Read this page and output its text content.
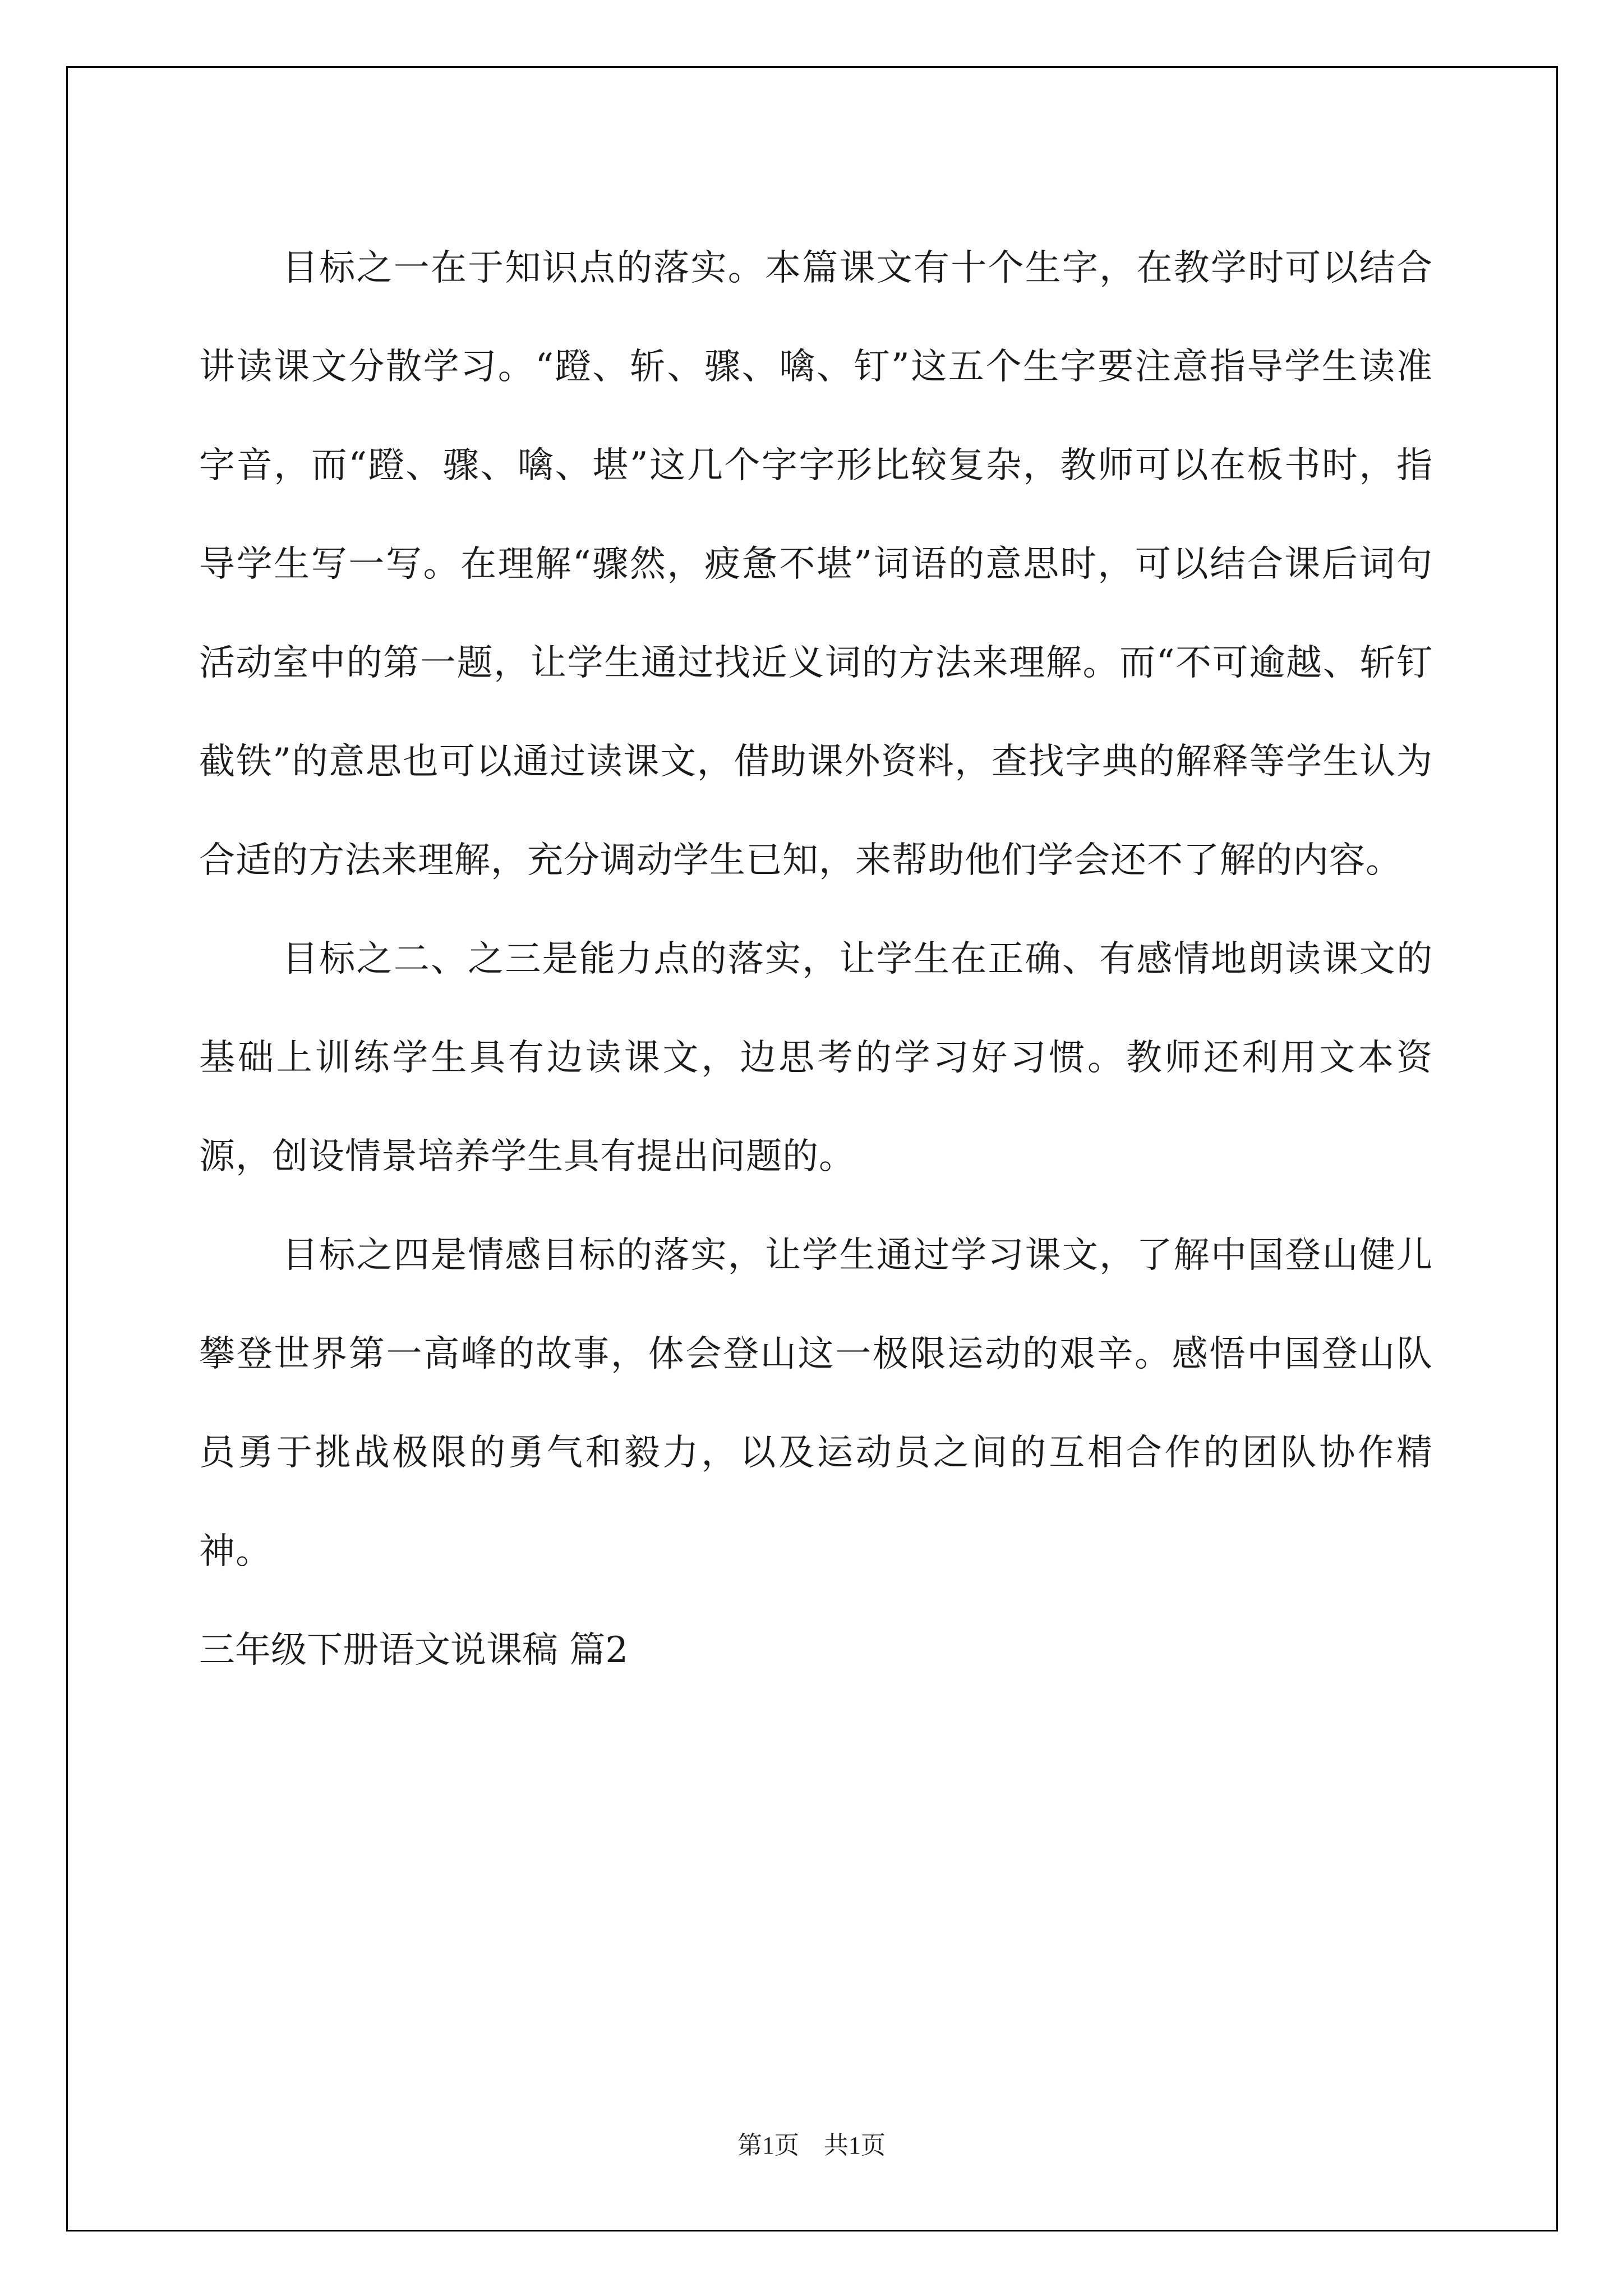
目标之一在于知识点的落实。本篇课文有十个生字，在教学时可以结合讲读课文分散学习。“蹬、斩、骤、噙、钉”这五个生字要注意指导学生读准字音，而“蹬、骤、噙、堪”这几个字字形比较复杂，教师可以在板书时，指导学生写一写。在理解“骤然，疲惫不堪”词语的意思时，可以结合课后词句活动室中的第一题，让学生通过找近义词的方法来理解。而“不可逾越、斩钉截铁”的意思也可以通过读课文，借助课外资料，查找字典的解释等学生认为合适的方法来理解，充分调动学生已知，来帮助他们学会还不了解的内容。

目标之二、之三是能力点的落实，让学生在正确、有感情地朗读课文的基础上训练学生具有边读课文，边思考的学习好习惯。教师还利用文本资源，创设情景培养学生具有提出问题的。

目标之四是情感目标的落实，让学生通过学习课文，了解中国登山健儿攀登世界第一高峰的故事，体会登山这一极限运动的艰辛。感悟中国登山队员勇于挑战极限的勇气和毅力，以及运动员之间的互相合作的团队协作精神。

三年级下册语文说课稿 篇2
第1页　共1页
